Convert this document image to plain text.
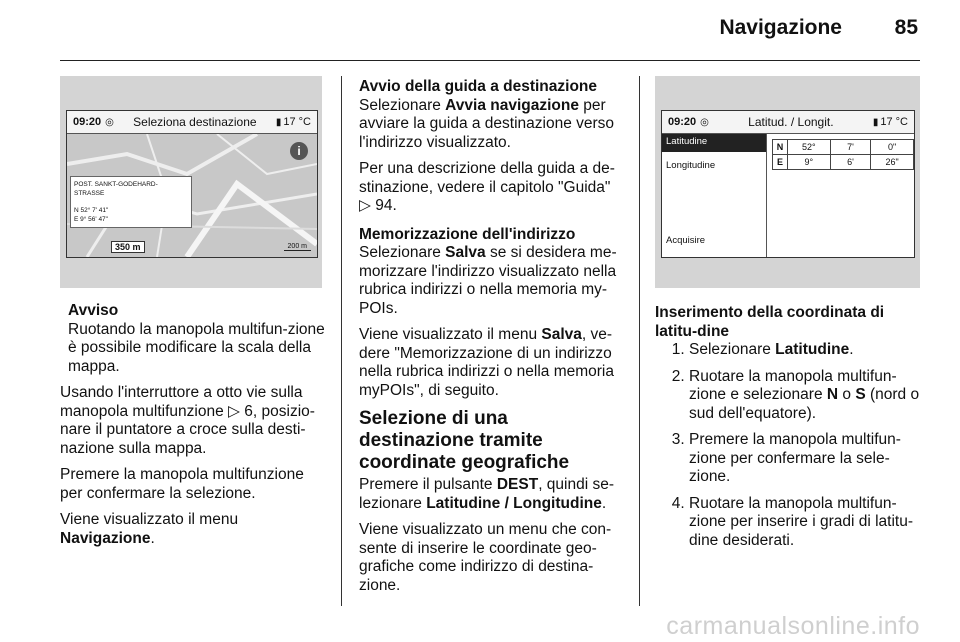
Navigazione	85
09:20 ◎	Seleziona destinazione	▮ 17 °C
i
POST. SANKT-GODEHARD-STRASSE
N 52° 7' 41"
E 9° 56' 47"
350 m	200 m
Avviso
Ruotando la manopola multifun-zione è possibile modificare la scala della mappa.

Usando l'interruttore a otto vie sulla manopola multifunzione ▷ 6, posizio-nare il puntatore a croce sulla desti-nazione sulla mappa.

Premere la manopola multifunzione per confermare la selezione.

Viene visualizzato il menu
Navigazione.

Avvio della guida a destinazione

Selezionare Avvia navigazione per avviare la guida a destinazione verso l'indirizzo visualizzato.

Per una descrizione della guida a de-stinazione, vedere il capitolo "Guida"
▷ 94.

Memorizzazione dell'indirizzo

Selezionare Salva se si desidera me-morizzare l'indirizzo visualizzato nella rubrica indirizzi o nella memoria my-POIs.

Viene visualizzato il menu Salva, ve-dere "Memorizzazione di un indirizzo nella rubrica indirizzi o nella memoria myPOIs", di seguito.

Selezione di una destinazione tramite coordinate geografiche

Premere il pulsante DEST, quindi se-lezionare Latitudine / Longitudine.

Viene visualizzato un menu che con-sente di inserire le coordinate geo-grafiche come indirizzo di destina-zione.

09:20 ◎	Latitud. / Longit.	▮ 17 °C
Latitudine
Longitudine
Acquisire
N	52°	7'	0"
E	9°	6'	26"
Inserimento della coordinata di latitu-dine
1. Selezionare Latitudine.
2. Ruotare la manopola multifun-zione e selezionare N o S (nord o sud dell'equatore).
3. Premere la manopola multifun-zione per confermare la sele-zione.
4. Ruotare la manopola multifun-zione per inserire i gradi di latitu-dine desiderati.
carmanualsonline.info
